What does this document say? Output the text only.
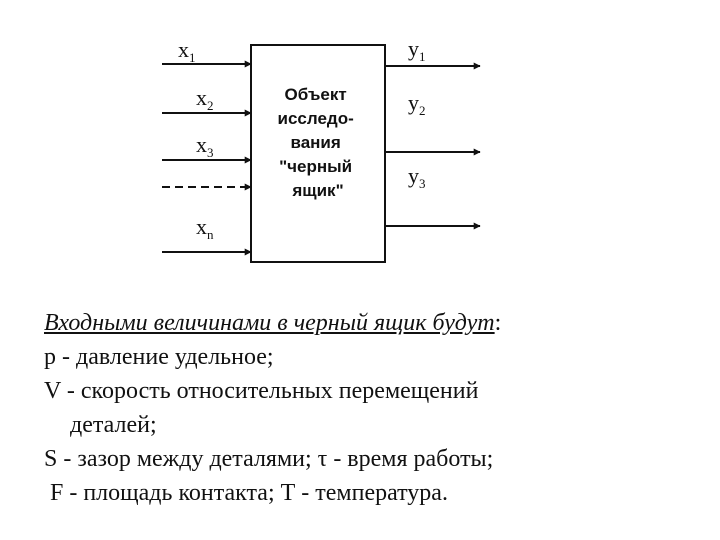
Объект исследо- вания "черный ящик"
$x_1$
$x_2$
$x_3$
$x_n$
$y_1$
$y_2$
$y_3$

Входными величинами в черный ящик будут:

р - давление удельное;

V - скорость относительных перемещений

деталей;

S - зазор между деталями; τ - время работы;

F - площадь контакта; Т - температура.
